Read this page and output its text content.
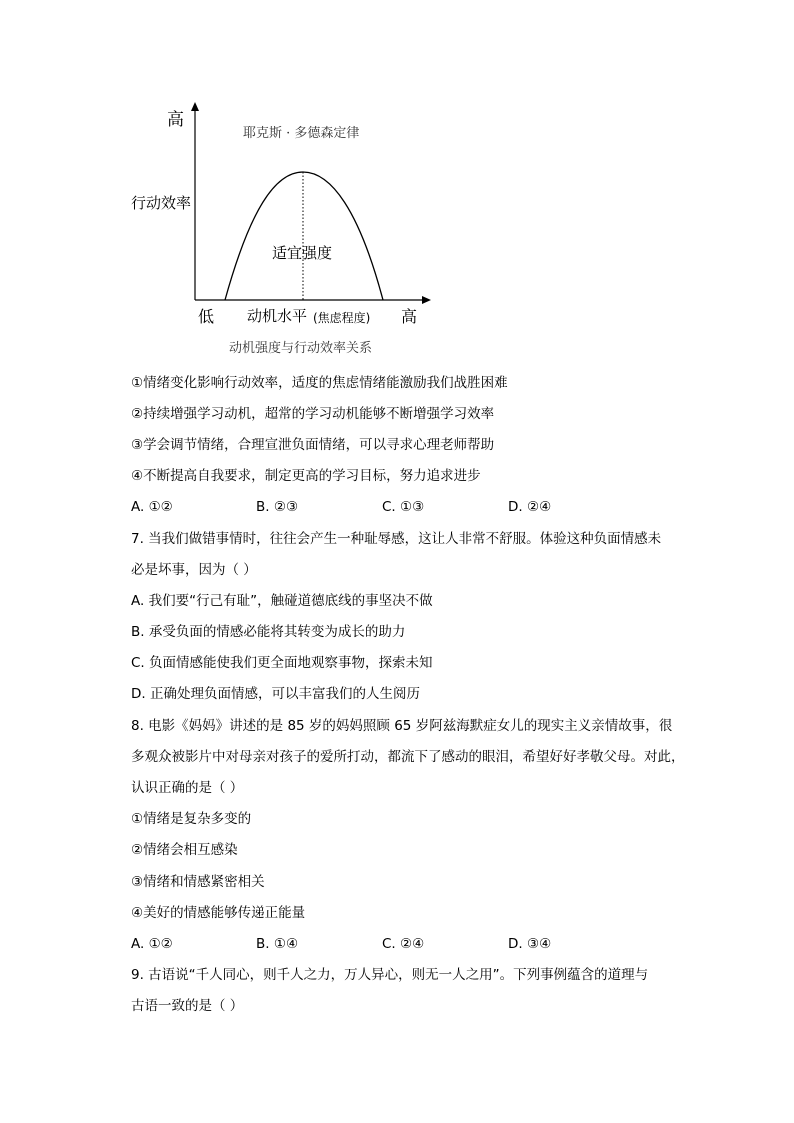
高
耶克斯 · 多德森定律
行动效率
适宜强度
低 动机水平 (焦虑程度) 高
动机强度与行动效率关系
①情绪变化影响行动效率，适度的焦虑情绪能激励我们战胜困难
②持续增强学习动机，超常的学习动机能够不断增强学习效率
③学会调节情绪，合理宣泄负面情绪，可以寻求心理老师帮助
④不断提高自我要求，制定更高的学习目标，努力追求进步
A. ①②	B. ②③	C. ①③	D. ②④
7. 当我们做错事情时，往往会产生一种耻辱感，这让人非常不舒服。体验这种负面情感未
必是坏事，因为（ ）
A. 我们要“行己有耻”，触碰道德底线的事坚决不做
B. 承受负面的情感必能将其转变为成长的助力
C. 负面情感能使我们更全面地观察事物，探索未知
D. 正确处理负面情感，可以丰富我们的人生阅历
8. 电影《妈妈》讲述的是 85 岁的妈妈照顾 65 岁阿兹海默症女儿的现实主义亲情故事，很
多观众被影片中对母亲对孩子的爱所打动，都流下了感动的眼泪，希望好好孝敬父母。对此，
认识正确的是（ ）
①情绪是复杂多变的
②情绪会相互感染
③情绪和情感紧密相关
④美好的情感能够传递正能量
A. ①②	B. ①④	C. ②④	D. ③④
9. 古语说“千人同心，则千人之力，万人异心，则无一人之用”。下列事例蕴含的道理与
古语一致的是（ ）
